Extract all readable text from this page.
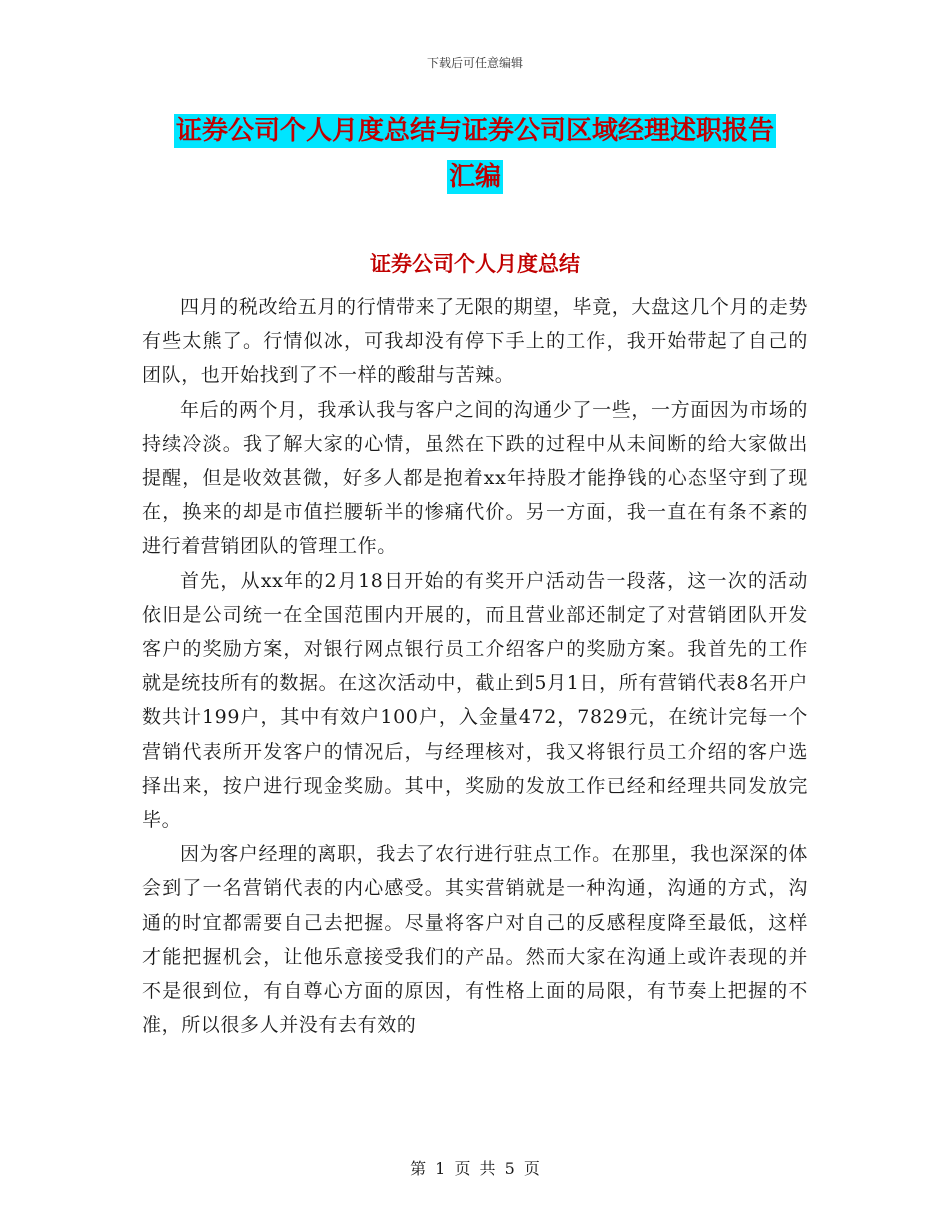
下载后可任意编辑
证券公司个人月度总结与证券公司区域经理述职报告
汇编
证券公司个人月度总结

四月的税改给五月的行情带来了无限的期望，毕竟，大盘这几个月的走势有些太熊了。行情似冰，可我却没有停下手上的工作，我开始带起了自己的团队，也开始找到了不一样的酸甜与苦辣。

年后的两个月，我承认我与客户之间的沟通少了一些，一方面因为市场的持续冷淡。我了解大家的心情，虽然在下跌的过程中从未间断的给大家做出提醒，但是收效甚微，好多人都是抱着xx年持股才能挣钱的心态坚守到了现在，换来的却是市值拦腰斩半的惨痛代价。另一方面，我一直在有条不紊的进行着营销团队的管理工作。

首先，从xx年的2月18日开始的有奖开户活动告一段落，这一次的活动依旧是公司统一在全国范围内开展的，而且营业部还制定了对营销团队开发客户的奖励方案，对银行网点银行员工介绍客户的奖励方案。我首先的工作就是统技所有的数据。在这次活动中，截止到5月1日，所有营销代表8名开户数共计199户，其中有效户100户，入金量472，7829元，在统计完每一个营销代表所开发客户的情况后，与经理核对，我又将银行员工介绍的客户选择出来，按户进行现金奖励。其中，奖励的发放工作已经和经理共同发放完毕。

因为客户经理的离职，我去了农行进行驻点工作。在那里，我也深深的体会到了一名营销代表的内心感受。其实营销就是一种沟通，沟通的方式，沟通的时宜都需要自己去把握。尽量将客户对自己的反感程度降至最低，这样才能把握机会，让他乐意接受我们的产品。然而大家在沟通上或许表现的并不是很到位，有自尊心方面的原因，有性格上面的局限，有节奏上把握的不准，所以很多人并没有去有效的

第 1 页 共 5 页
